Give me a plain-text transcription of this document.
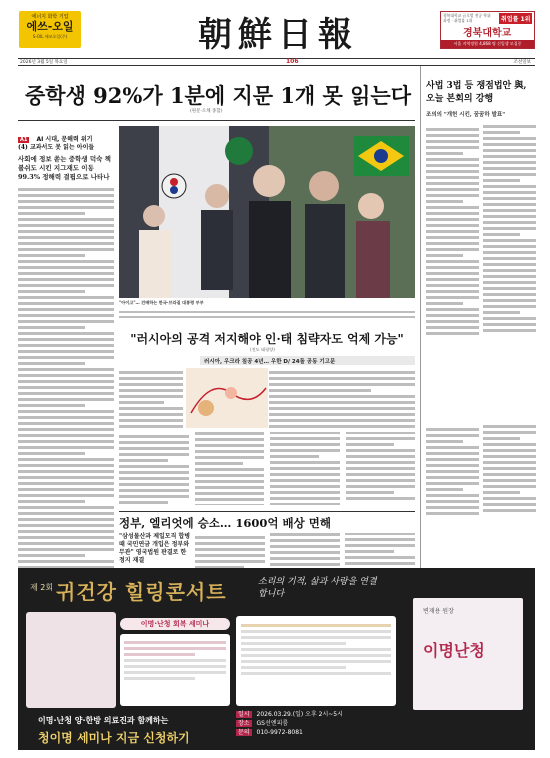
에너지 화학 기업
에쓰-오일
S-OIL 에쓰오일(주)	朝鮮日報	경북대학교 글로벌 전공 학위 과정 · 취업률 1위	취업률 1위
경북대학교
서울 지역정원 4,868 명 신입생 모집중
2026년 3월 5일 목요일	106	조선일보
중학생 92%가 1분에 지문 1개 못 읽는다
(원문·오채 종합)
A1 AI 시대, 문해력 위기
(4) 교과서도 못 읽는 아이들
사회에 정보 쏟는 중학생 덕숙 책 볼쉬도 시킨 지그재도 이동 99.3% 정해력 결핍으로 나타나
"아이고"… 건배하는 한국·브라질 대통령 부부
"러시아의 공격 저지해야 인·태 침략자도 억제 가능"
(전도 태평양)
러시아, 우크라 침공 4년… 우한 D/ 24돌 공동 기고문
정부, 엘리엇에 승소… 1600억 배상 면해
"삼성물산과 제일모직 합병 때 국민연금 개입은 정부와 무관" 영국법원 판결로 한정지 재결
사법 3법 등 쟁점법안 與, 오늘 본회의 강행
조의의 "개헌 시킨, 꿈꿈하 발표"
제 2회 귀건강 힐링콘서트	소리의 기적, 삶과 사랑을 연결합니다
이명·난청 회복 세미나
이명난청
변재용 원장
일시 2026.03.29.(일) 오후 2시~5시
장소 GS선엔피룸
문의 010-9972-8081
이명·난청 양·한방 의료진과 함께하는
청이명 세미나 지금 신청하기
